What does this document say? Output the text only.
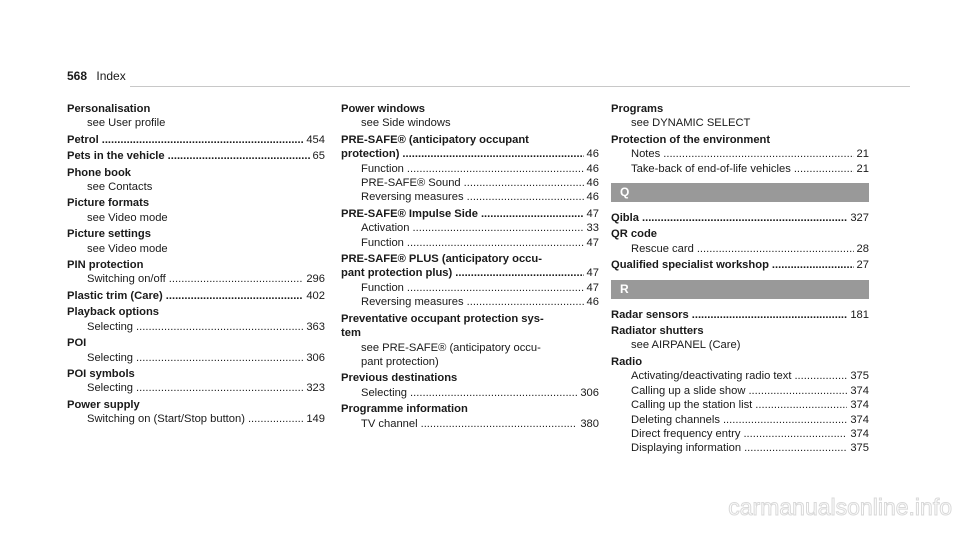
568 Index
Personalisation
see User profile
Petrol .....	454
Pets in the vehicle .....	65
Phone book
see Contacts
Picture formats
see Video mode
Picture settings
see Video mode
PIN protection
Switching on/off .....	296
Plastic trim (Care) .....	402
Playback options
Selecting .....	363
POI
Selecting .....	306
POI symbols
Selecting .....	323
Power supply
Switching on (Start/Stop button) .....	149
Power windows
see Side windows
PRE-SAFE® (anticipatory occupant
protection) .....	46
Function .....	46
PRE-SAFE® Sound .....	46
Reversing measures .....	46
PRE-SAFE® Impulse Side .....	47
Activation .....	33
Function .....	47
PRE-SAFE® PLUS (anticipatory occu-
pant protection plus) .....	47
Function .....	47
Reversing measures .....	46
Preventative occupant protection sys-
tem
see PRE-SAFE® (anticipatory occu-
pant protection)
Previous destinations
Selecting .....	306
Programme information
TV channel .....	380
Programs
see DYNAMIC SELECT
Protection of the environment
Notes .....	21
Take-back of end-of-life vehicles .....	21
Q
Qibla .....	327
QR code
Rescue card .....	28
Qualified specialist workshop .....	27
R
Radar sensors .....	181
Radiator shutters
see AIRPANEL (Care)
Radio
Activating/deactivating radio text .....	375
Calling up a slide show .....	374
Calling up the station list .....	374
Deleting channels .....	374
Direct frequency entry .....	374
Displaying information .....	375
carmanualsonline.info
